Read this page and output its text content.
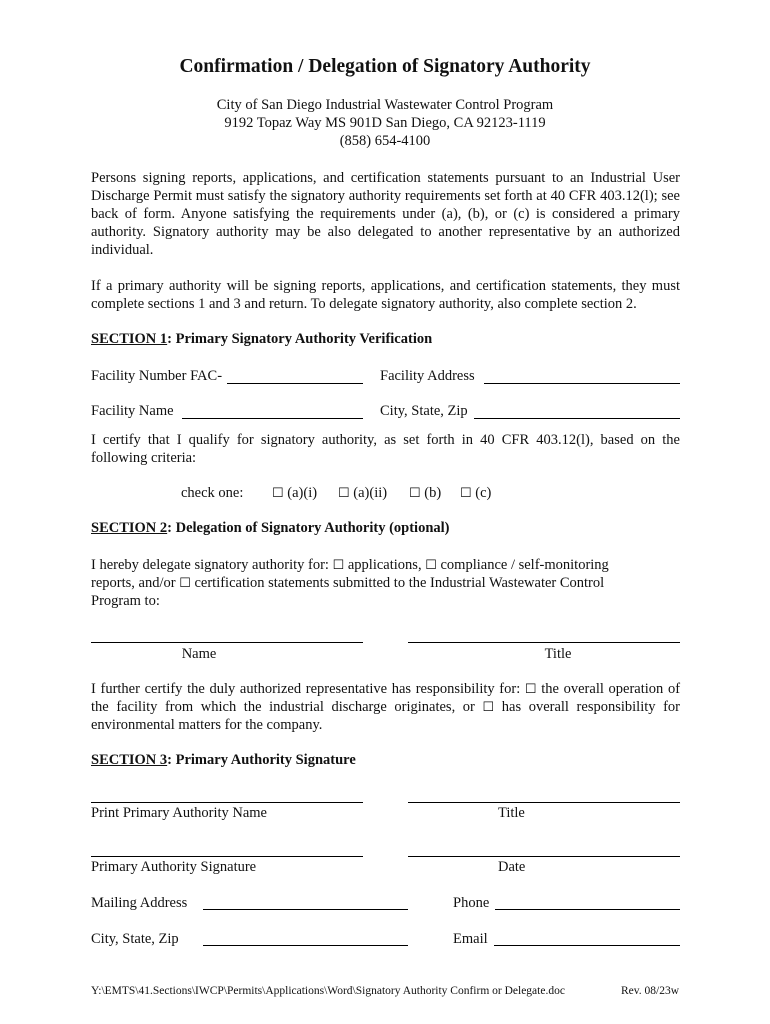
Confirmation / Delegation of Signatory Authority
City of San Diego Industrial Wastewater Control Program
9192 Topaz Way MS 901D San Diego, CA 92123-1119
(858) 654-4100
Persons signing reports, applications, and certification statements pursuant to an Industrial User Discharge Permit must satisfy the signatory authority requirements set forth at 40 CFR 403.12(l); see back of form. Anyone satisfying the requirements under (a), (b), or (c) is considered a primary authority. Signatory authority may be also delegated to another representative by an authorized individual.
If a primary authority will be signing reports, applications, and certification statements, they must complete sections 1 and 3 and return. To delegate signatory authority, also complete section 2.
SECTION 1: Primary Signatory Authority Verification
Facility Number FAC-	Facility Address
Facility Name	City, State, Zip
I certify that I qualify for signatory authority, as set forth in 40 CFR 403.12(l), based on the following criteria:
check one: ☐ (a)(i) ☐ (a)(ii) ☐ (b) ☐ (c)
SECTION 2: Delegation of Signatory Authority (optional)
I hereby delegate signatory authority for: ☐ applications, ☐ compliance / self-monitoring
reports, and/or ☐ certification statements submitted to the Industrial Wastewater Control
Program to:
Name	Title
I further certify the duly authorized representative has responsibility for: ☐ the overall operation of
the facility from which the industrial discharge originates, or ☐ has overall responsibility for
environmental matters for the company.
SECTION 3: Primary Authority Signature
Print Primary Authority Name	Title
Primary Authority Signature	Date
Mailing Address	Phone
City, State, Zip	Email
Y:\EMTS\41.Sections\IWCP\Permits\Applications\Word\Signatory Authority Confirm or Delegate.doc	Rev. 08/23w
